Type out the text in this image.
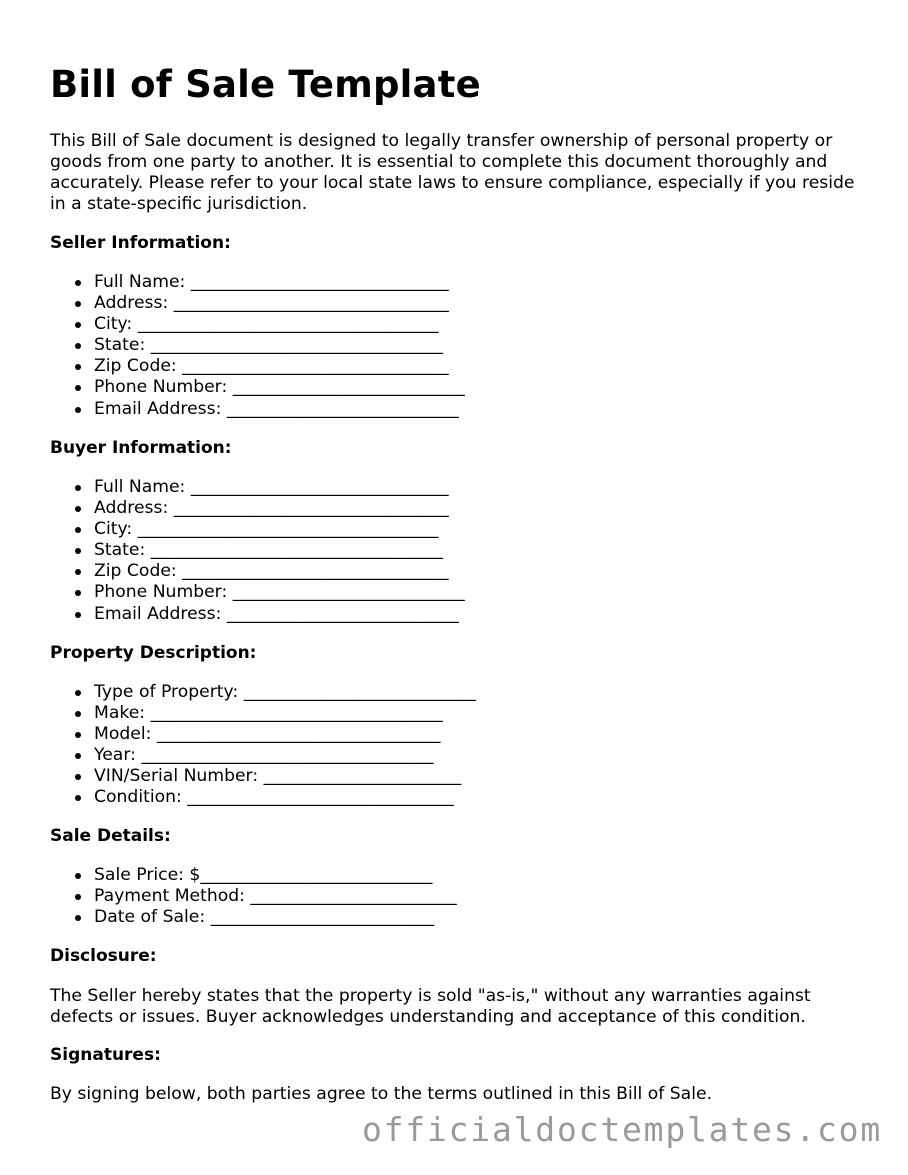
Bill of Sale Template

This Bill of Sale document is designed to legally transfer ownership of personal property or goods from one party to another. It is essential to complete this document thoroughly and accurately. Please refer to your local state laws to ensure compliance, especially if you reside in a state-specific jurisdiction.

Seller Information:
Full Name: ______________________________
Address: ________________________________
City: ___________________________________
State: __________________________________
Zip Code: _______________________________
Phone Number: ___________________________
Email Address: ___________________________
Buyer Information:
Full Name: ______________________________
Address: ________________________________
City: ___________________________________
State: __________________________________
Zip Code: _______________________________
Phone Number: ___________________________
Email Address: ___________________________
Property Description:
Type of Property: ___________________________
Make: __________________________________
Model: _________________________________
Year: __________________________________
VIN/Serial Number: _______________________
Condition: _______________________________
Sale Details:
Sale Price: $___________________________
Payment Method: ________________________
Date of Sale: __________________________
Disclosure:

The Seller hereby states that the property is sold "as-is," without any warranties against defects or issues. Buyer acknowledges understanding and acceptance of this condition.

Signatures:

By signing below, both parties agree to the terms outlined in this Bill of Sale.

officialdoctemplates.com
